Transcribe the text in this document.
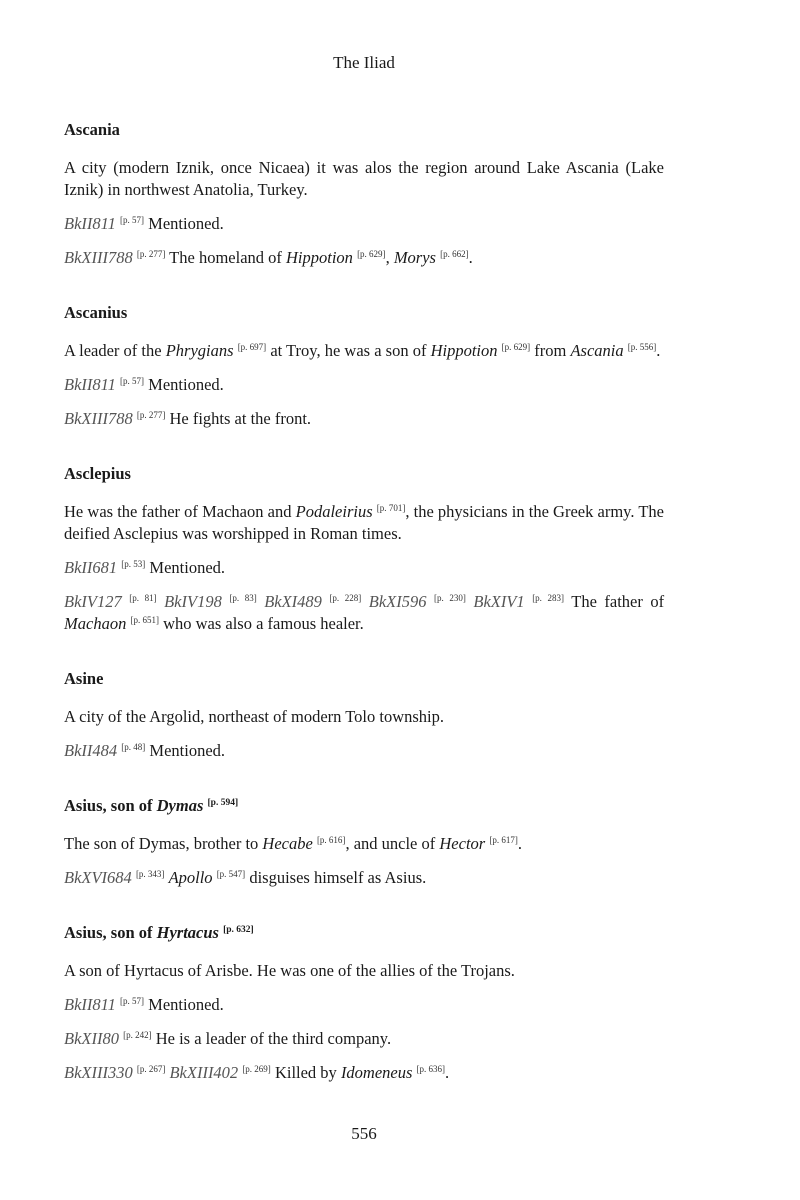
The Iliad
Ascania

A city (modern Iznik, once Nicaea) it was alos the region around Lake Ascania (Lake Iznik) in northwest Anatolia, Turkey.

BkII811 [p. 57] Mentioned.

BkXIII788 [p. 277] The homeland of Hippotion [p. 629], Morys [p. 662].

Ascanius

A leader of the Phrygians [p. 697] at Troy, he was a son of Hippotion [p. 629] from Ascania [p. 556].

BkII811 [p. 57] Mentioned.

BkXIII788 [p. 277] He fights at the front.

Asclepius

He was the father of Machaon and Podaleirius [p. 701], the physicians in the Greek army. The deified Asclepius was worshipped in Roman times.

BkII681 [p. 53] Mentioned.

BkIV127 [p. 81] BkIV198 [p. 83] BkXI489 [p. 228] BkXI596 [p. 230] BkXIV1 [p. 283] The father of Machaon [p. 651] who was also a famous healer.

Asine

A city of the Argolid, northeast of modern Tolo township.

BkII484 [p. 48] Mentioned.

Asius, son of Dymas [p. 594]

The son of Dymas, brother to Hecabe [p. 616], and uncle of Hector [p. 617].

BkXVI684 [p. 343] Apollo [p. 547] disguises himself as Asius.

Asius, son of Hyrtacus [p. 632]

A son of Hyrtacus of Arisbe. He was one of the allies of the Trojans.

BkII811 [p. 57] Mentioned.

BkXII80 [p. 242] He is a leader of the third company.

BkXIII330 [p. 267] BkXIII402 [p. 269] Killed by Idomeneus [p. 636].

556
